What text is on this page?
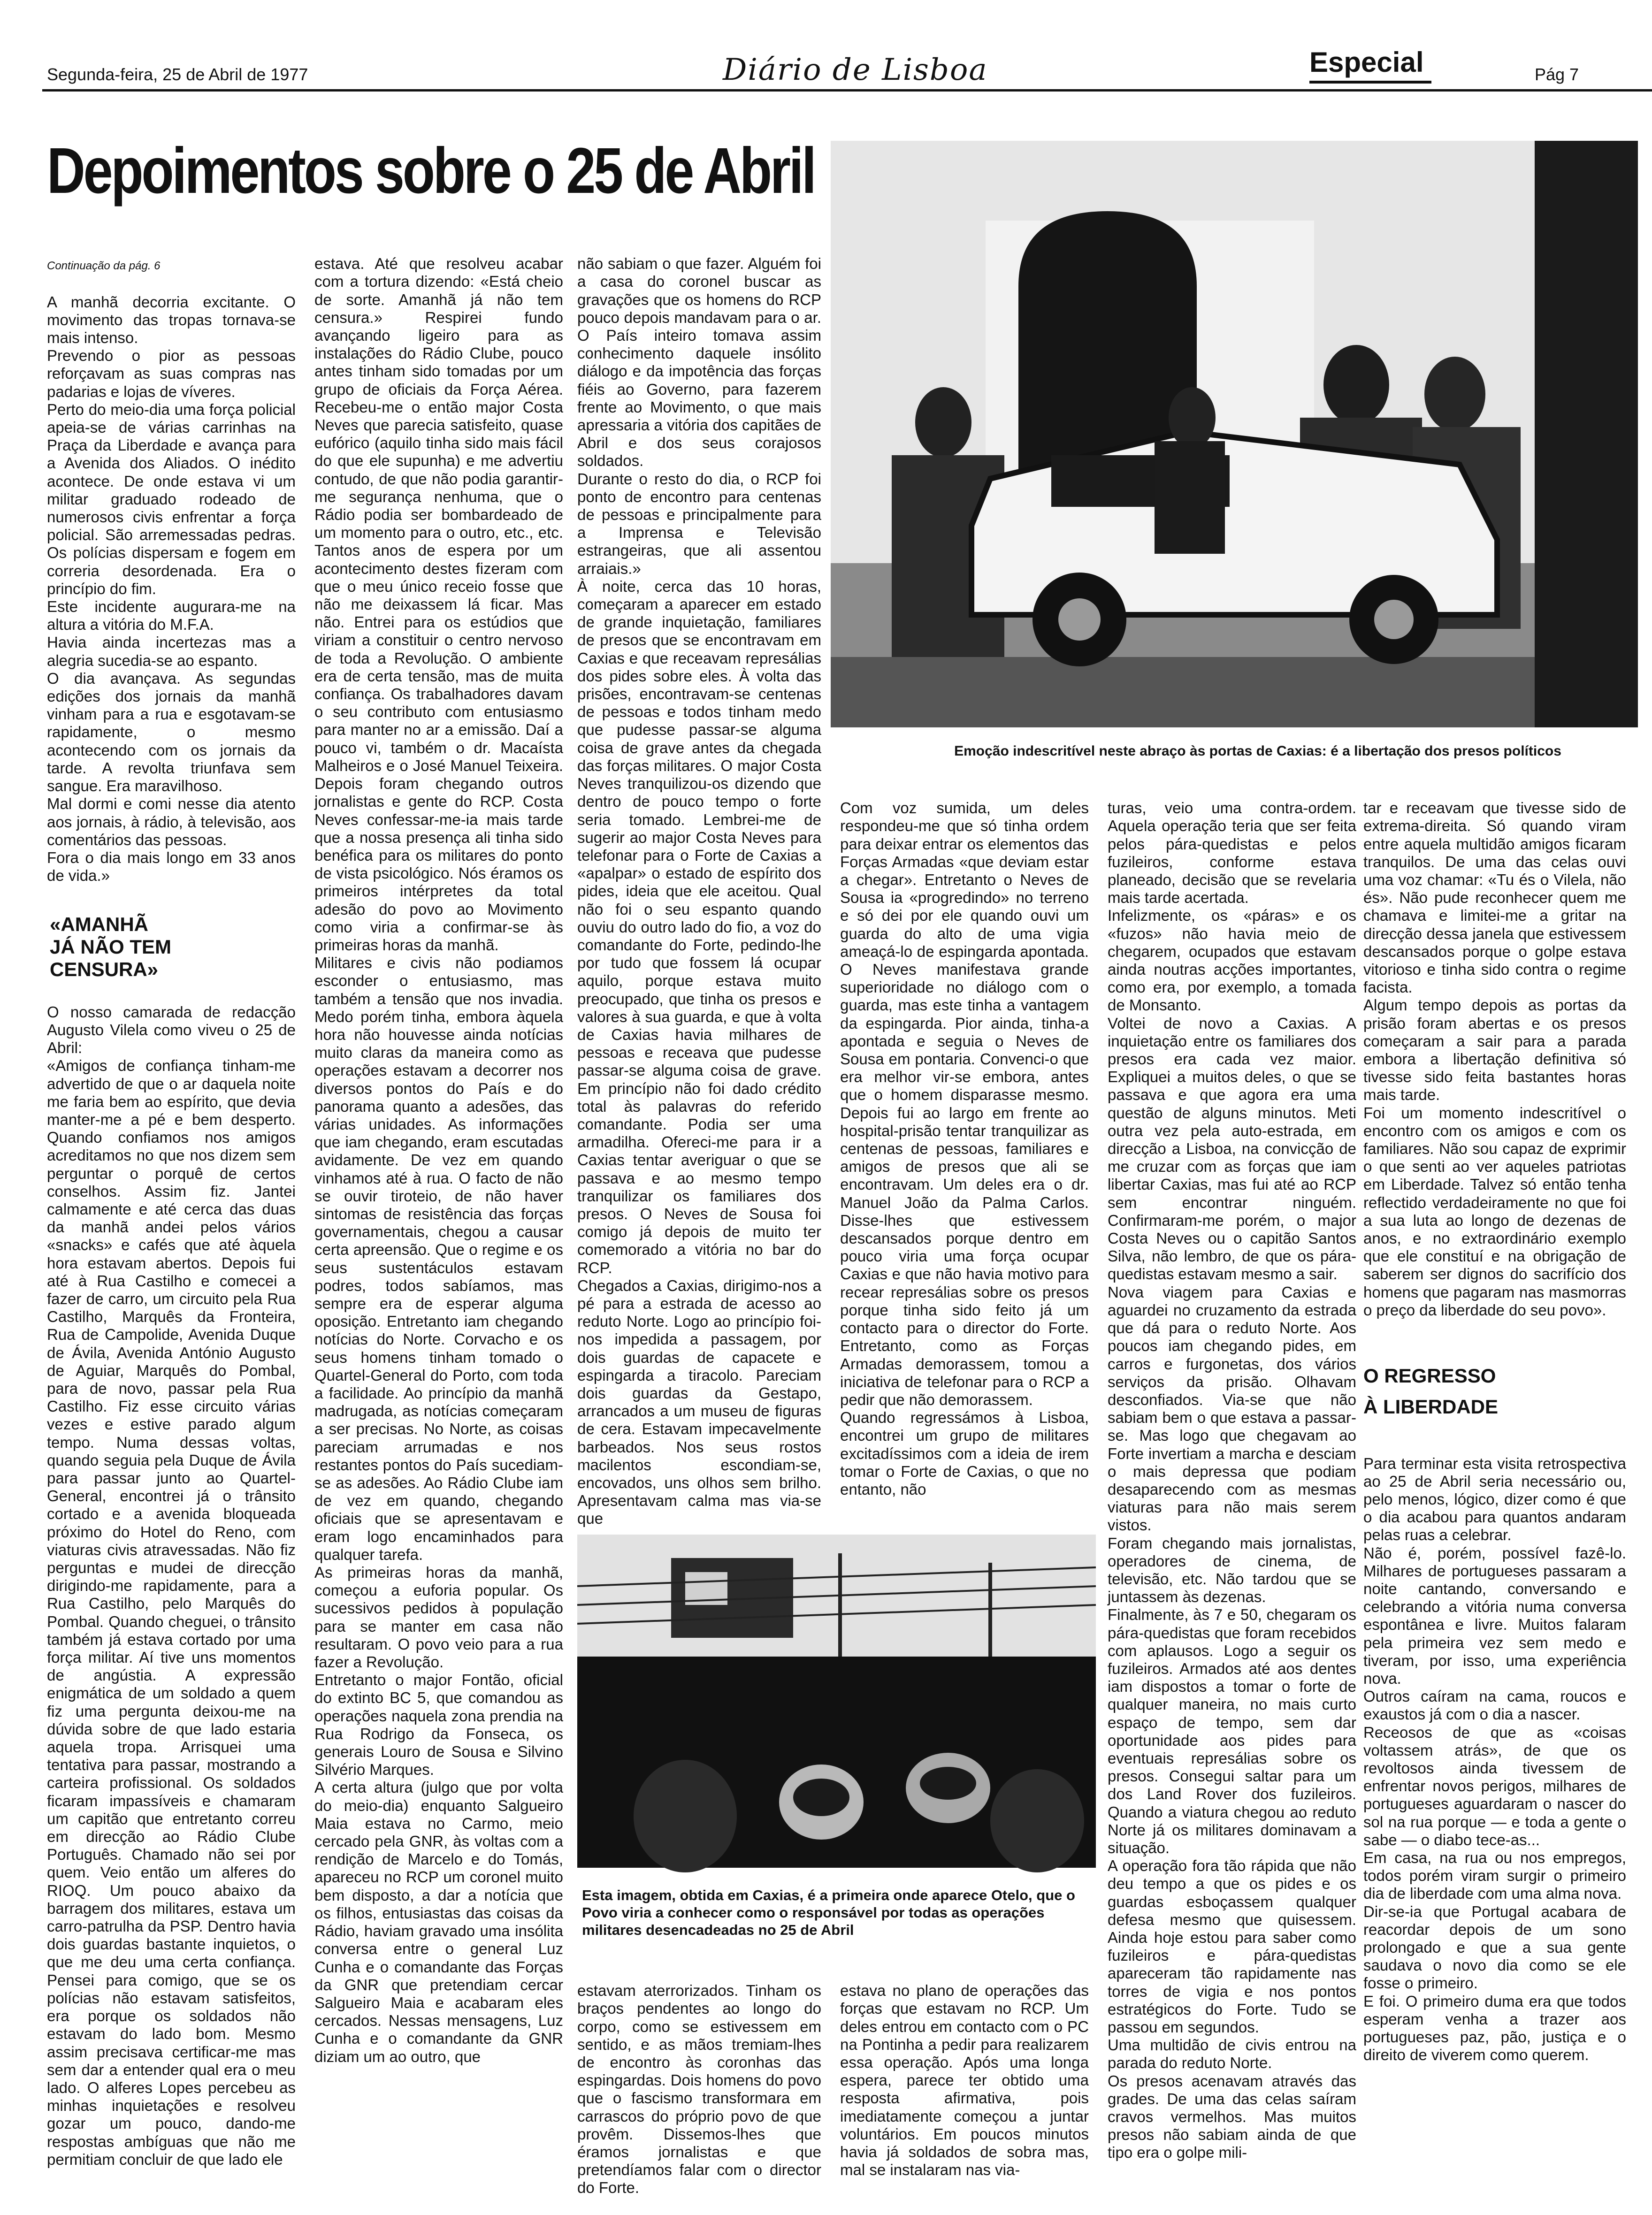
Segunda-feira, 25 de Abril de 1977	Diário de Lisboa	Especial	Pág 7
Depoimentos sobre o 25 de Abril
Emoção indescritível neste abraço às portas de Caxias: é a libertação dos presos políticos
Esta imagem, obtida em Caxias, é a primeira onde aparece Otelo, que o Povo viria a conhecer como o responsável por todas as operações militares desencadeadas no 25 de Abril

Continuação da pág. 6

A manhã decorria excitante. O movimento das tropas tornava-se mais intenso.
Prevendo o pior as pessoas reforçavam as suas compras nas padarias e lojas de víveres.
Perto do meio-dia uma força policial apeia-se de várias carrinhas na Praça da Liberdade e avança para a Avenida dos Aliados. O inédito acontece. De onde estava vi um militar graduado rodeado de numerosos civis enfrentar a força policial. São arremessadas pedras. Os polícias dispersam e fogem em correria desordenada. Era o princípio do fim.
Este incidente augurara-me na altura a vitória do M.F.A.
Havia ainda incertezas mas a alegria sucedia-se ao espanto.
O dia avançava. As segundas edições dos jornais da manhã vinham para a rua e esgotavam-se rapidamente, o mesmo acontecendo com os jornais da tarde. A revolta triunfava sem sangue. Era maravilhoso.
Mal dormi e comi nesse dia atento aos jornais, à rádio, à televisão, aos comentários das pessoas.
Fora o dia mais longo em 33 anos de vida.»

«AMANHÃ
JÁ NÃO TEM
CENSURA»

O nosso camarada de redacção Augusto Vilela como viveu o 25 de Abril:
«Amigos de confiança tinham-me advertido de que o ar daquela noite me faria bem ao espírito, que devia manter-me a pé e bem desperto. Quando confiamos nos amigos acreditamos no que nos dizem sem perguntar o porquê de certos conselhos. Assim fiz. Jantei calmamente e até cerca das duas da manhã andei pelos vários «snacks» e cafés que até àquela hora estavam abertos. Depois fui até à Rua Castilho e comecei a fazer de carro, um circuito pela Rua Castilho, Marquês da Fronteira, Rua de Campolide, Avenida Duque de Ávila, Avenida António Augusto de Aguiar, Marquês do Pombal, para de novo, passar pela Rua Castilho. Fiz esse circuito várias vezes e estive parado algum tempo. Numa dessas voltas, quando seguia pela Duque de Ávila para passar junto ao Quartel-General, encontrei já o trânsito cortado e a avenida bloqueada próximo do Hotel do Reno, com viaturas civis atravessadas. Não fiz perguntas e mudei de direcção dirigindo-me rapidamente, para a Rua Castilho, pelo Marquês do Pombal. Quando cheguei, o trânsito também já estava cortado por uma força militar. Aí tive uns momentos de angústia. A expressão enigmática de um soldado a quem fiz uma pergunta deixou-me na dúvida sobre de que lado estaria aquela tropa. Arrisquei uma tentativa para passar, mostrando a carteira profissional. Os soldados ficaram impassíveis e chamaram um capitão que entretanto correu em direcção ao Rádio Clube Português. Chamado não sei por quem. Veio então um alferes do RIOQ. Um pouco abaixo da barragem dos militares, estava um carro-patrulha da PSP. Dentro havia dois guardas bastante inquietos, o que me deu uma certa confiança. Pensei para comigo, que se os polícias não estavam satisfeitos, era porque os soldados não estavam do lado bom. Mesmo assim precisava certificar-me mas sem dar a entender qual era o meu lado. O alferes Lopes percebeu as minhas inquietações e resolveu gozar um pouco, dando-me respostas ambíguas que não me permitiam concluir de que lado ele

estava. Até que resolveu acabar com a tortura dizendo: «Está cheio de sorte. Amanhã já não tem censura.» Respirei fundo avançando ligeiro para as instalações do Rádio Clube, pouco antes tinham sido tomadas por um grupo de oficiais da Força Aérea. Recebeu-me o então major Costa Neves que parecia satisfeito, quase eufórico (aquilo tinha sido mais fácil do que ele supunha) e me advertiu contudo, de que não podia garantir-me segurança nenhuma, que o Rádio podia ser bombardeado de um momento para o outro, etc., etc. Tantos anos de espera por um acontecimento destes fizeram com que o meu único receio fosse que não me deixassem lá ficar. Mas não. Entrei para os estúdios que viriam a constituir o centro nervoso de toda a Revolução. O ambiente era de certa tensão, mas de muita confiança. Os trabalhadores davam o seu contributo com entusiasmo para manter no ar a emissão. Daí a pouco vi, também o dr. Macaísta Malheiros e o José Manuel Teixeira. Depois foram chegando outros jornalistas e gente do RCP. Costa Neves confessar-me-ia mais tarde que a nossa presença ali tinha sido benéfica para os militares do ponto de vista psicológico. Nós éramos os primeiros intérpretes da total adesão do povo ao Movimento como viria a confirmar-se às primeiras horas da manhã.
Militares e civis não podiamos esconder o entusiasmo, mas também a tensão que nos invadia. Medo porém tinha, embora àquela hora não houvesse ainda notícias muito claras da maneira como as operações estavam a decorrer nos diversos pontos do País e do panorama quanto a adesões, das várias unidades. As informações que iam chegando, eram escutadas avidamente. De vez em quando vinhamos até à rua. O facto de não se ouvir tiroteio, de não haver sintomas de resistência das forças governamentais, chegou a causar certa apreensão. Que o regime e os seus sustentáculos estavam podres, todos sabíamos, mas sempre era de esperar alguma oposição. Entretanto iam chegando notícias do Norte. Corvacho e os seus homens tinham tomado o Quartel-General do Porto, com toda a facilidade. Ao princípio da manhã madrugada, as notícias começaram a ser precisas. No Norte, as coisas pareciam arrumadas e nos restantes pontos do País sucediam-se as adesões. Ao Rádio Clube iam de vez em quando, chegando oficiais que se apresentavam e eram logo encaminhados para qualquer tarefa.
As primeiras horas da manhã, começou a euforia popular. Os sucessivos pedidos à população para se manter em casa não resultaram. O povo veio para a rua fazer a Revolução.
Entretanto o major Fontão, oficial do extinto BC 5, que comandou as operações naquela zona prendia na Rua Rodrigo da Fonseca, os generais Louro de Sousa e Silvino Silvério Marques.
A certa altura (julgo que por volta do meio-dia) enquanto Salgueiro Maia estava no Carmo, meio cercado pela GNR, às voltas com a rendição de Marcelo e do Tomás, apareceu no RCP um coronel muito bem disposto, a dar a notícia que os filhos, entusiastas das coisas da Rádio, haviam gravado uma insólita conversa entre o general Luz Cunha e o comandante das Forças da GNR que pretendiam cercar Salgueiro Maia e acabaram eles cercados. Nessas mensagens, Luz Cunha e o comandante da GNR diziam um ao outro, que

não sabiam o que fazer. Alguém foi a casa do coronel buscar as gravações que os homens do RCP pouco depois mandavam para o ar. O País inteiro tomava assim conhecimento daquele insólito diálogo e da impotência das forças fiéis ao Governo, para fazerem frente ao Movimento, o que mais apressaria a vitória dos capitães de Abril e dos seus corajosos soldados.
Durante o resto do dia, o RCP foi ponto de encontro para centenas de pessoas e principalmente para a Imprensa e Televisão estrangeiras, que ali assentou arraiais.»
À noite, cerca das 10 horas, começaram a aparecer em estado de grande inquietação, familiares de presos que se encontravam em Caxias e que receavam represálias dos pides sobre eles. À volta das prisões, encontravam-se centenas de pessoas e todos tinham medo que pudesse passar-se alguma coisa de grave antes da chegada das forças militares. O major Costa Neves tranquilizou-os dizendo que dentro de pouco tempo o forte seria tomado. Lembrei-me de sugerir ao major Costa Neves para telefonar para o Forte de Caxias a «apalpar» o estado de espírito dos pides, ideia que ele aceitou. Qual não foi o seu espanto quando ouviu do outro lado do fio, a voz do comandante do Forte, pedindo-lhe por tudo que fossem lá ocupar aquilo, porque estava muito preocupado, que tinha os presos e valores à sua guarda, e que à volta de Caxias havia milhares de pessoas e receava que pudesse passar-se alguma coisa de grave. Em princípio não foi dado crédito total às palavras do referido comandante. Podia ser uma armadilha. Ofereci-me para ir a Caxias tentar averiguar o que se passava e ao mesmo tempo tranquilizar os familiares dos presos. O Neves de Sousa foi comigo já depois de muito ter comemorado a vitória no bar do RCP.
Chegados a Caxias, dirigimo-nos a pé para a estrada de acesso ao reduto Norte. Logo ao princípio foi-nos impedida a passagem, por dois guardas de capacete e espingarda a tiracolo. Pareciam dois guardas da Gestapo, arrancados a um museu de figuras de cera. Estavam impecavelmente barbeados. Nos seus rostos macilentos escondiam-se, encovados, uns olhos sem brilho. Apresentavam calma mas via-se que

Com voz sumida, um deles respondeu-me que só tinha ordem para deixar entrar os elementos das Forças Armadas «que deviam estar a chegar». Entretanto o Neves de Sousa ia «progredindo» no terreno e só dei por ele quando ouvi um guarda do alto de uma vigia ameaçá-lo de espingarda apontada. O Neves manifestava grande superioridade no diálogo com o guarda, mas este tinha a vantagem da espingarda. Pior ainda, tinha-a apontada e seguia o Neves de Sousa em pontaria. Convenci-o que era melhor vir-se embora, antes que o homem disparasse mesmo. Depois fui ao largo em frente ao hospital-prisão tentar tranquilizar as centenas de pessoas, familiares e amigos de presos que ali se encontravam. Um deles era o dr. Manuel João da Palma Carlos. Disse-lhes que estivessem descansados porque dentro em pouco viria uma força ocupar Caxias e que não havia motivo para recear represálias sobre os presos porque tinha sido feito já um contacto para o director do Forte. Entretanto, como as Forças Armadas demorassem, tomou a iniciativa de telefonar para o RCP a pedir que não demorassem.
Quando regressámos à Lisboa, encontrei um grupo de militares excitadíssimos com a ideia de irem tomar o Forte de Caxias, o que no entanto, não

turas, veio uma contra-ordem. Aquela operação teria que ser feita pelos pára-quedistas e pelos fuzileiros, conforme estava planeado, decisão que se revelaria mais tarde acertada.
Infelizmente, os «páras» e os «fuzos» não havia meio de chegarem, ocupados que estavam ainda noutras acções importantes, como era, por exemplo, a tomada de Monsanto.
Voltei de novo a Caxias. A inquietação entre os familiares dos presos era cada vez maior. Expliquei a muitos deles, o que se passava e que agora era uma questão de alguns minutos. Meti outra vez pela auto-estrada, em direcção a Lisboa, na convicção de me cruzar com as forças que iam libertar Caxias, mas fui até ao RCP sem encontrar ninguém. Confirmaram-me porém, o major Costa Neves ou o capitão Santos Silva, não lembro, de que os pára-quedistas estavam mesmo a sair.
Nova viagem para Caxias e aguardei no cruzamento da estrada que dá para o reduto Norte. Aos poucos iam chegando pides, em carros e furgonetas, dos vários serviços da prisão. Olhavam desconfiados. Via-se que não sabiam bem o que estava a passar-se. Mas logo que chegavam ao Forte invertiam a marcha e desciam o mais depressa que podiam desaparecendo com as mesmas viaturas para não mais serem vistos.
Foram chegando mais jornalistas, operadores de cinema, de televisão, etc. Não tardou que se juntassem às dezenas.
Finalmente, às 7 e 50, chegaram os pára-quedistas que foram recebidos com aplausos. Logo a seguir os fuzileiros. Armados até aos dentes iam dispostos a tomar o forte de qualquer maneira, no mais curto espaço de tempo, sem dar oportunidade aos pides para eventuais represálias sobre os presos. Consegui saltar para um dos Land Rover dos fuzileiros. Quando a viatura chegou ao reduto Norte já os militares dominavam a situação.
A operação fora tão rápida que não deu tempo a que os pides e os guardas esboçassem qualquer defesa mesmo que quisessem. Ainda hoje estou para saber como fuzileiros e pára-quedistas apareceram tão rapidamente nas torres de vigia e nos pontos estratégicos do Forte. Tudo se passou em segundos.
Uma multidão de civis entrou na parada do reduto Norte.
Os presos acenavam através das grades. De uma das celas saíram cravos vermelhos. Mas muitos presos não sabiam ainda de que tipo era o golpe mili-

tar e receavam que tivesse sido de extrema-direita. Só quando viram entre aquela multidão amigos ficaram tranquilos. De uma das celas ouvi uma voz chamar: «Tu és o Vilela, não és». Não pude reconhecer quem me chamava e limitei-me a gritar na direcção dessa janela que estivessem descansados porque o golpe estava vitorioso e tinha sido contra o regime facista.
Algum tempo depois as portas da prisão foram abertas e os presos começaram a sair para a parada embora a libertação definitiva só tivesse sido feita bastantes horas mais tarde.
Foi um momento indescritível o encontro com os amigos e com os familiares. Não sou capaz de exprimir o que senti ao ver aqueles patriotas em Liberdade. Talvez só então tenha reflectido verdadeiramente no que foi a sua luta ao longo de dezenas de anos, e no extraordinário exemplo que ele constituí e na obrigação de saberem ser dignos do sacrifício dos homens que pagaram nas masmorras o preço da liberdade do seu povo».

O REGRESSO
À LIBERDADE

Para terminar esta visita retrospectiva ao 25 de Abril seria necessário ou, pelo menos, lógico, dizer como é que o dia acabou para quantos andaram pelas ruas a celebrar.
Não é, porém, possível fazê-lo. Milhares de portugueses passaram a noite cantando, conversando e celebrando a vitória numa conversa espontânea e livre. Muitos falaram pela primeira vez sem medo e tiveram, por isso, uma experiência nova.
Outros caíram na cama, roucos e exaustos já com o dia a nascer.
Receosos de que as «coisas voltassem atrás», de que os revoltosos ainda tivessem de enfrentar novos perigos, milhares de portugueses aguardaram o nascer do sol na rua porque — e toda a gente o sabe — o diabo tece-as...
Em casa, na rua ou nos empregos, todos porém viram surgir o primeiro dia de liberdade com uma alma nova.
Dir-se-ia que Portugal acabara de reacordar depois de um sono prolongado e que a sua gente saudava o novo dia como se ele fosse o primeiro.
E foi. O primeiro duma era que todos esperam venha a trazer aos portugueses paz, pão, justiça e o direito de viverem como querem.

estavam aterrorizados. Tinham os braços pendentes ao longo do corpo, como se estivessem em sentido, e as mãos tremiam-lhes de encontro às coronhas das espingardas. Dois homens do povo que o fascismo transformara em carrascos do próprio povo de que provêm. Dissemos-lhes que éramos jornalistas e que pretendíamos falar com o director do Forte.

estava no plano de operações das forças que estavam no RCP. Um deles entrou em contacto com o PC na Pontinha a pedir para realizarem essa operação. Após uma longa espera, parece ter obtido uma resposta afirmativa, pois imediatamente começou a juntar voluntários. Em poucos minutos havia já soldados de sobra mas, mal se instalaram nas via-
